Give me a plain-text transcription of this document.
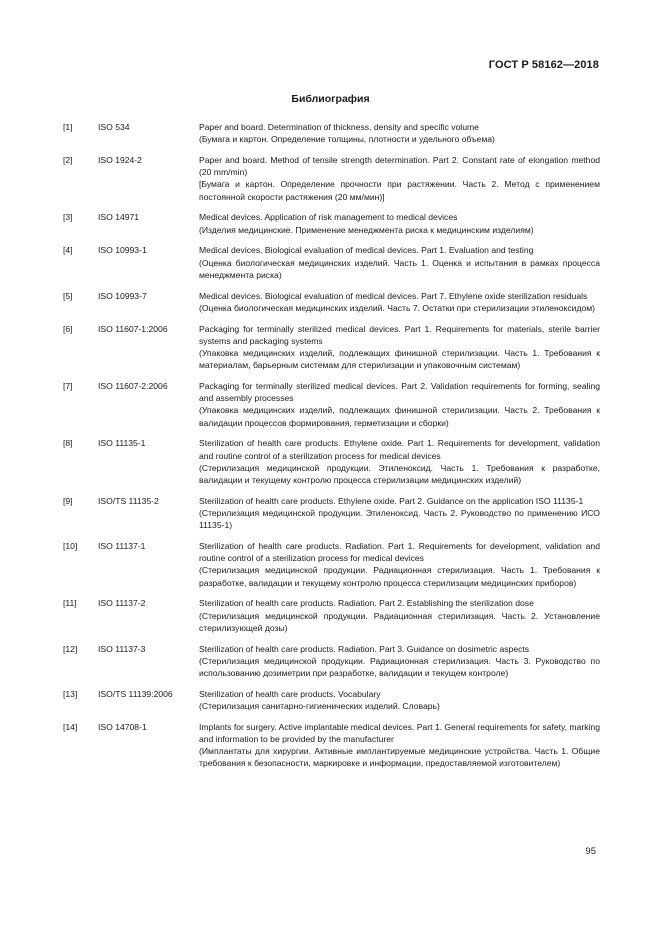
ГОСТ Р 58162—2018
Библиография
[1]	ISO 534	Paper and board. Determination of thickness, density and specific volume

(Бумага и картон. Определение толщины, плотности и удельного объема)

[2]	ISO 1924-2	Paper and board. Method of tensile strength determination. Part 2. Constant rate of elongation method (20 mm/min)

[Бумага и картон. Определение прочности при растяжении. Часть 2. Метод с применением постоянной скорости растяжения (20 мм/мин)]

[3]	ISO 14971	Medical devices. Application of risk management to medical devices

(Изделия медицинские. Применение менеджмента риска к медицинским изделиям)

[4]	ISO 10993-1	Medical devices. Biological evaluation of medical devices. Part 1. Evaluation and testing

(Оценка биологическая медицинских изделий. Часть 1. Оценка и испытания в рамках процесса менеджмента риска)

[5]	ISO 10993-7	Medical devices. Biological evaluation of medical devices. Part 7. Ethylene oxide sterilization residuals

(Оценка биологическая медицинских изделий. Часть 7. Остатки при стерилизации этиленоксидом)

[6]	ISO 11607-1:2006	Packaging for terminally sterilized medical devices. Part 1. Requirements for materials, sterile barrier systems and packaging systems

(Упаковка медицинских изделий, подлежащих финишной стерилизации. Часть 1. Требования к материалам, барьерным системам для стерилизации и упаковочным системам)

[7]	ISO 11607-2:2006	Packaging for terminally sterilized medical devices. Part 2. Validation requirements for forming, sealing and assembly processes

(Упаковка медицинских изделий, подлежащих финишной стерилизации. Часть 2. Требования к валидации процессов формирования, герметизации и сборки)

[8]	ISO 11135-1	Sterilization of health care products. Ethylene oxide. Part 1. Requirements for development, validation and routine control of a sterilization process for medical devices

(Стерилизация медицинской продукции. Этиленоксид. Часть 1. Требования к разработке, валидации и текущему контролю процесса стерилизации медицинских изделий)

[9]	ISO/TS 11135-2	Sterilization of health care products. Ethylene oxide. Part 2. Guidance on the application ISO 11135-1

(Стерилизация медицинской продукции. Этиленоксид. Часть 2. Руководство по применению ИСО 11135-1)

[10]	ISO 11137-1	Sterilization of health care products. Radiation. Part 1. Requirements for development, validation and routine control of a sterilization process for medical devices

(Стерилизация медицинской продукции. Радиационная стерилизация. Часть 1. Требования к разработке, валидации и текущему контролю процесса стерилизации медицинских приборов)

[11]	ISO 11137-2	Sterilization of health care products. Radiation. Part 2. Establishing the sterilization dose

(Стерилизация медицинской продукции. Радиационная стерилизация. Часть 2. Установление стерилизующей дозы)

[12]	ISO 11137-3	Sterilization of health care products. Radiation. Part 3. Guidance on dosimetric aspects

(Стерилизация медицинской продукции. Радиационная стерилизация. Часть 3. Руководство по использованию дозиметрии при разработке, валидации и текущем контроле)

[13]	ISO/TS 11139:2006	Sterilization of health care products. Vocabulary

(Стерилизация санитарно-гигиенических изделий. Словарь)

[14]	ISO 14708-1	Implants for surgery. Active implantable medical devices. Part 1. General requirements for safety, marking and information to be provided by the manufacturer

(Имплантаты для хирургии. Активные имплантируемые медицинские устройства. Часть 1. Общие требования к безопасности, маркировке и информации, предоставляемой изготовителем)

95
